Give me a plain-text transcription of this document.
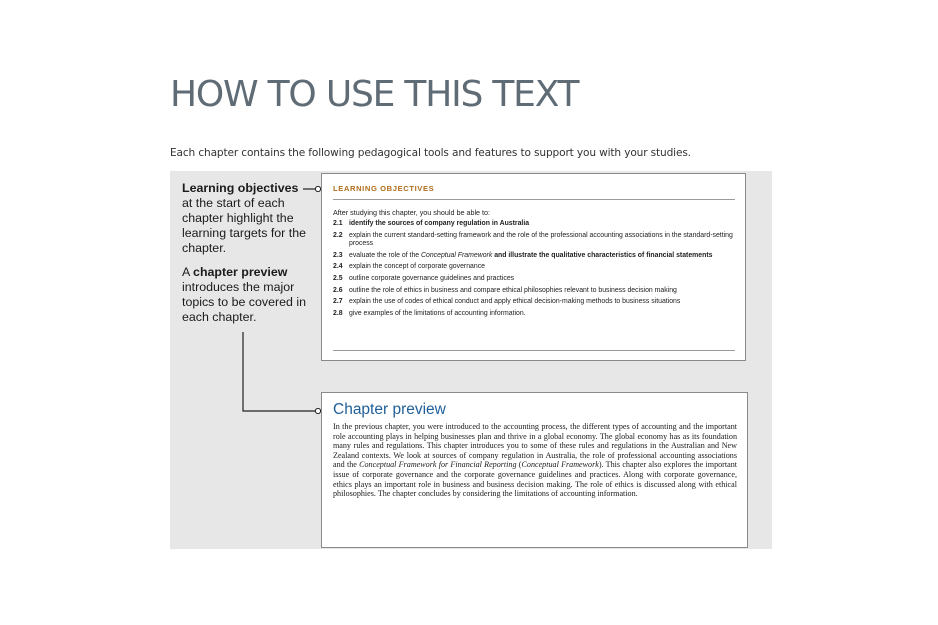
HOW TO USE THIS TEXT
Each chapter contains the following pedagogical tools and features to support you with your studies.

Learning objectives at the start of each chapter highlight the learning targets for the chapter.

A chapter preview introduces the major topics to be covered in each chapter.

LEARNING OBJECTIVES
After studying this chapter, you should be able to:
2.1 identify the sources of company regulation in Australia
2.2 explain the current standard-setting framework and the role of the professional accounting associations in the standard-setting process
2.3 evaluate the role of the Conceptual Framework and illustrate the qualitative characteristics of financial statements
2.4 explain the concept of corporate governance
2.5 outline corporate governance guidelines and practices
2.6 outline the role of ethics in business and compare ethical philosophies relevant to business decision making
2.7 explain the use of codes of ethical conduct and apply ethical decision-making methods to business situations
2.8 give examples of the limitations of accounting information.
Chapter preview

In the previous chapter, you were introduced to the accounting process, the different types of accounting and the important role accounting plays in helping businesses plan and thrive in a global economy. The global economy has as its foundation many rules and regulations. This chapter introduces you to some of these rules and regulations in the Australian and New Zealand contexts. We look at sources of company regulation in Australia, the role of professional accounting associations and the Conceptual Framework for Financial Reporting (Conceptual Framework). This chapter also explores the important issue of corporate governance and the corporate governance guidelines and practices. Along with corporate governance, ethics plays an important role in business and business decision making. The role of ethics is discussed along with ethical philosophies. The chapter concludes by considering the limitations of accounting information.
